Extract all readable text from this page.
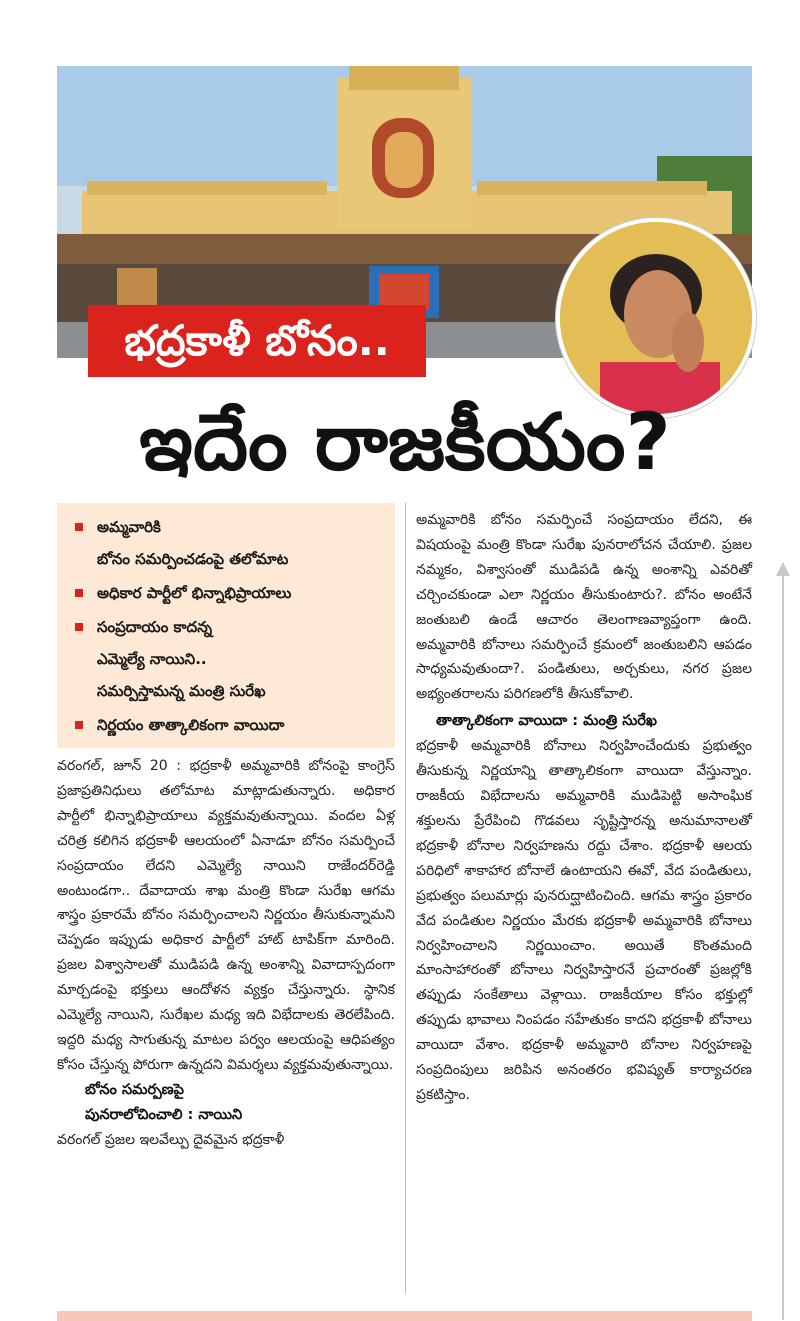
భద్రకాళీ బోనం..
ఇదేం రాజకీయం?
అమ్మవారికి
బోనం సమర్పించడంపై తలోమాట
అధికార పార్టీలో భిన్నాభిప్రాయాలు
సంప్రదాయం కాదన్న
ఎమ్మెల్యే నాయిని..
సమర్పిస్తామన్న మంత్రి సురేఖ
నిర్ణయం తాత్కాలికంగా వాయిదా

వరంగల్, జూన్ 20 : భద్రకాళీ అమ్మవారికి బోనంపై కాంగ్రెస్ ప్రజాప్రతినిధులు తలోమాట మాట్లాడుతున్నారు. అధికార పార్టీలో భిన్నాభిప్రాయాలు వ్యక్తమవుతున్నాయి. వందల ఏళ్ల చరిత్ర కలిగిన భద్రకాళీ ఆలయంలో ఏనాడూ బోనం సమర్పించే సంప్రదాయం లేదని ఎమ్మెల్యే నాయిని రాజేందర్‌రెడ్డి అంటుండగా.. దేవాదాయ శాఖ మంత్రి కొండా సురేఖ ఆగమ శాస్త్రం ప్రకారమే బోనం సమర్పించాలని నిర్ణయం తీసుకున్నామని చెప్పడం ఇప్పుడు అధికార పార్టీలో హాట్ టాపిక్‌గా మారింది. ప్రజల విశ్వాసాలతో ముడిపడి ఉన్న అంశాన్ని వివాదాస్పదంగా మార్చడంపై భక్తులు ఆందోళన వ్యక్తం చేస్తున్నారు. స్థానిక ఎమ్మెల్యే నాయిని, సురేఖల మధ్య ఇది విభేదాలకు తెరలేపింది. ఇద్దరి మధ్య సాగుతున్న మాటల పర్వం ఆలయంపై ఆధిపత్యం కోసం చేస్తున్న పోరుగా ఉన్నదని విమర్శలు వ్యక్తమవుతున్నాయి.

బోనం సమర్పణపై
పునరాలోచించాలి : నాయిని

వరంగల్ ప్రజల ఇలవేల్పు దైవమైన భద్రకాళీ

అమ్మవారికి బోనం సమర్పించే సంప్రదాయం లేదని, ఈ విషయంపై మంత్రి కొండా సురేఖ పునరాలోచన చేయాలి. ప్రజల నమ్మకం, విశ్వాసంతో ముడిపడి ఉన్న అంశాన్ని ఎవరితో చర్చించకుండా ఎలా నిర్ణయం తీసుకుంటారు?. బోనం అంటేనే జంతుబలి ఉండే ఆచారం తెలంగాణవ్యాప్తంగా ఉంది. అమ్మవారికి బోనాలు సమర్పించే క్రమంలో జంతుబలిని ఆపడం సాధ్యమవుతుందా?. పండితులు, అర్చకులు, నగర ప్రజల అభ్యంతరాలను పరిగణలోకి తీసుకోవాలి.

తాత్కాలికంగా వాయిదా : మంత్రి సురేఖ

భద్రకాళీ అమ్మవారికి బోనాలు నిర్వహించేందుకు ప్రభుత్వం తీసుకున్న నిర్ణయాన్ని తాత్కాలికంగా వాయిదా వేస్తున్నాం. రాజకీయ విభేదాలను అమ్మవారికి ముడిపెట్టి అసాంఘిక శక్తులను ప్రేరేపించి గొడవలు సృష్టిస్తారన్న అనుమానాలతో భద్రకాళీ బోనాల నిర్వహణను రద్దు చేశాం. భద్రకాళీ ఆలయ పరిధిలో శాకాహార బోనాలే ఉంటాయని ఈవో, వేద పండితులు, ప్రభుత్వం పలుమార్లు పునరుద్ఘాటించింది. ఆగమ శాస్త్రం ప్రకారం వేద పండితుల నిర్ణయం మేరకు భద్రకాళీ అమ్మవారికి బోనాలు నిర్వహించాలని నిర్ణయించాం. అయితే కొంతమంది మాంసాహారంతో బోనాలు నిర్వహిస్తారనే ప్రచారంతో ప్రజల్లోకి తప్పుడు సంకేతాలు వెళ్లాయి. రాజకీయాల కోసం భక్తుల్లో తప్పుడు భావాలు నింపడం సహేతుకం కాదని భద్రకాళీ బోనాలు వాయిదా వేశాం. భద్రకాళీ అమ్మవారి బోనాల నిర్వహణపై సంప్రదింపులు జరిపిన అనంతరం భవిష్యత్ కార్యాచరణ ప్రకటిస్తాం.
